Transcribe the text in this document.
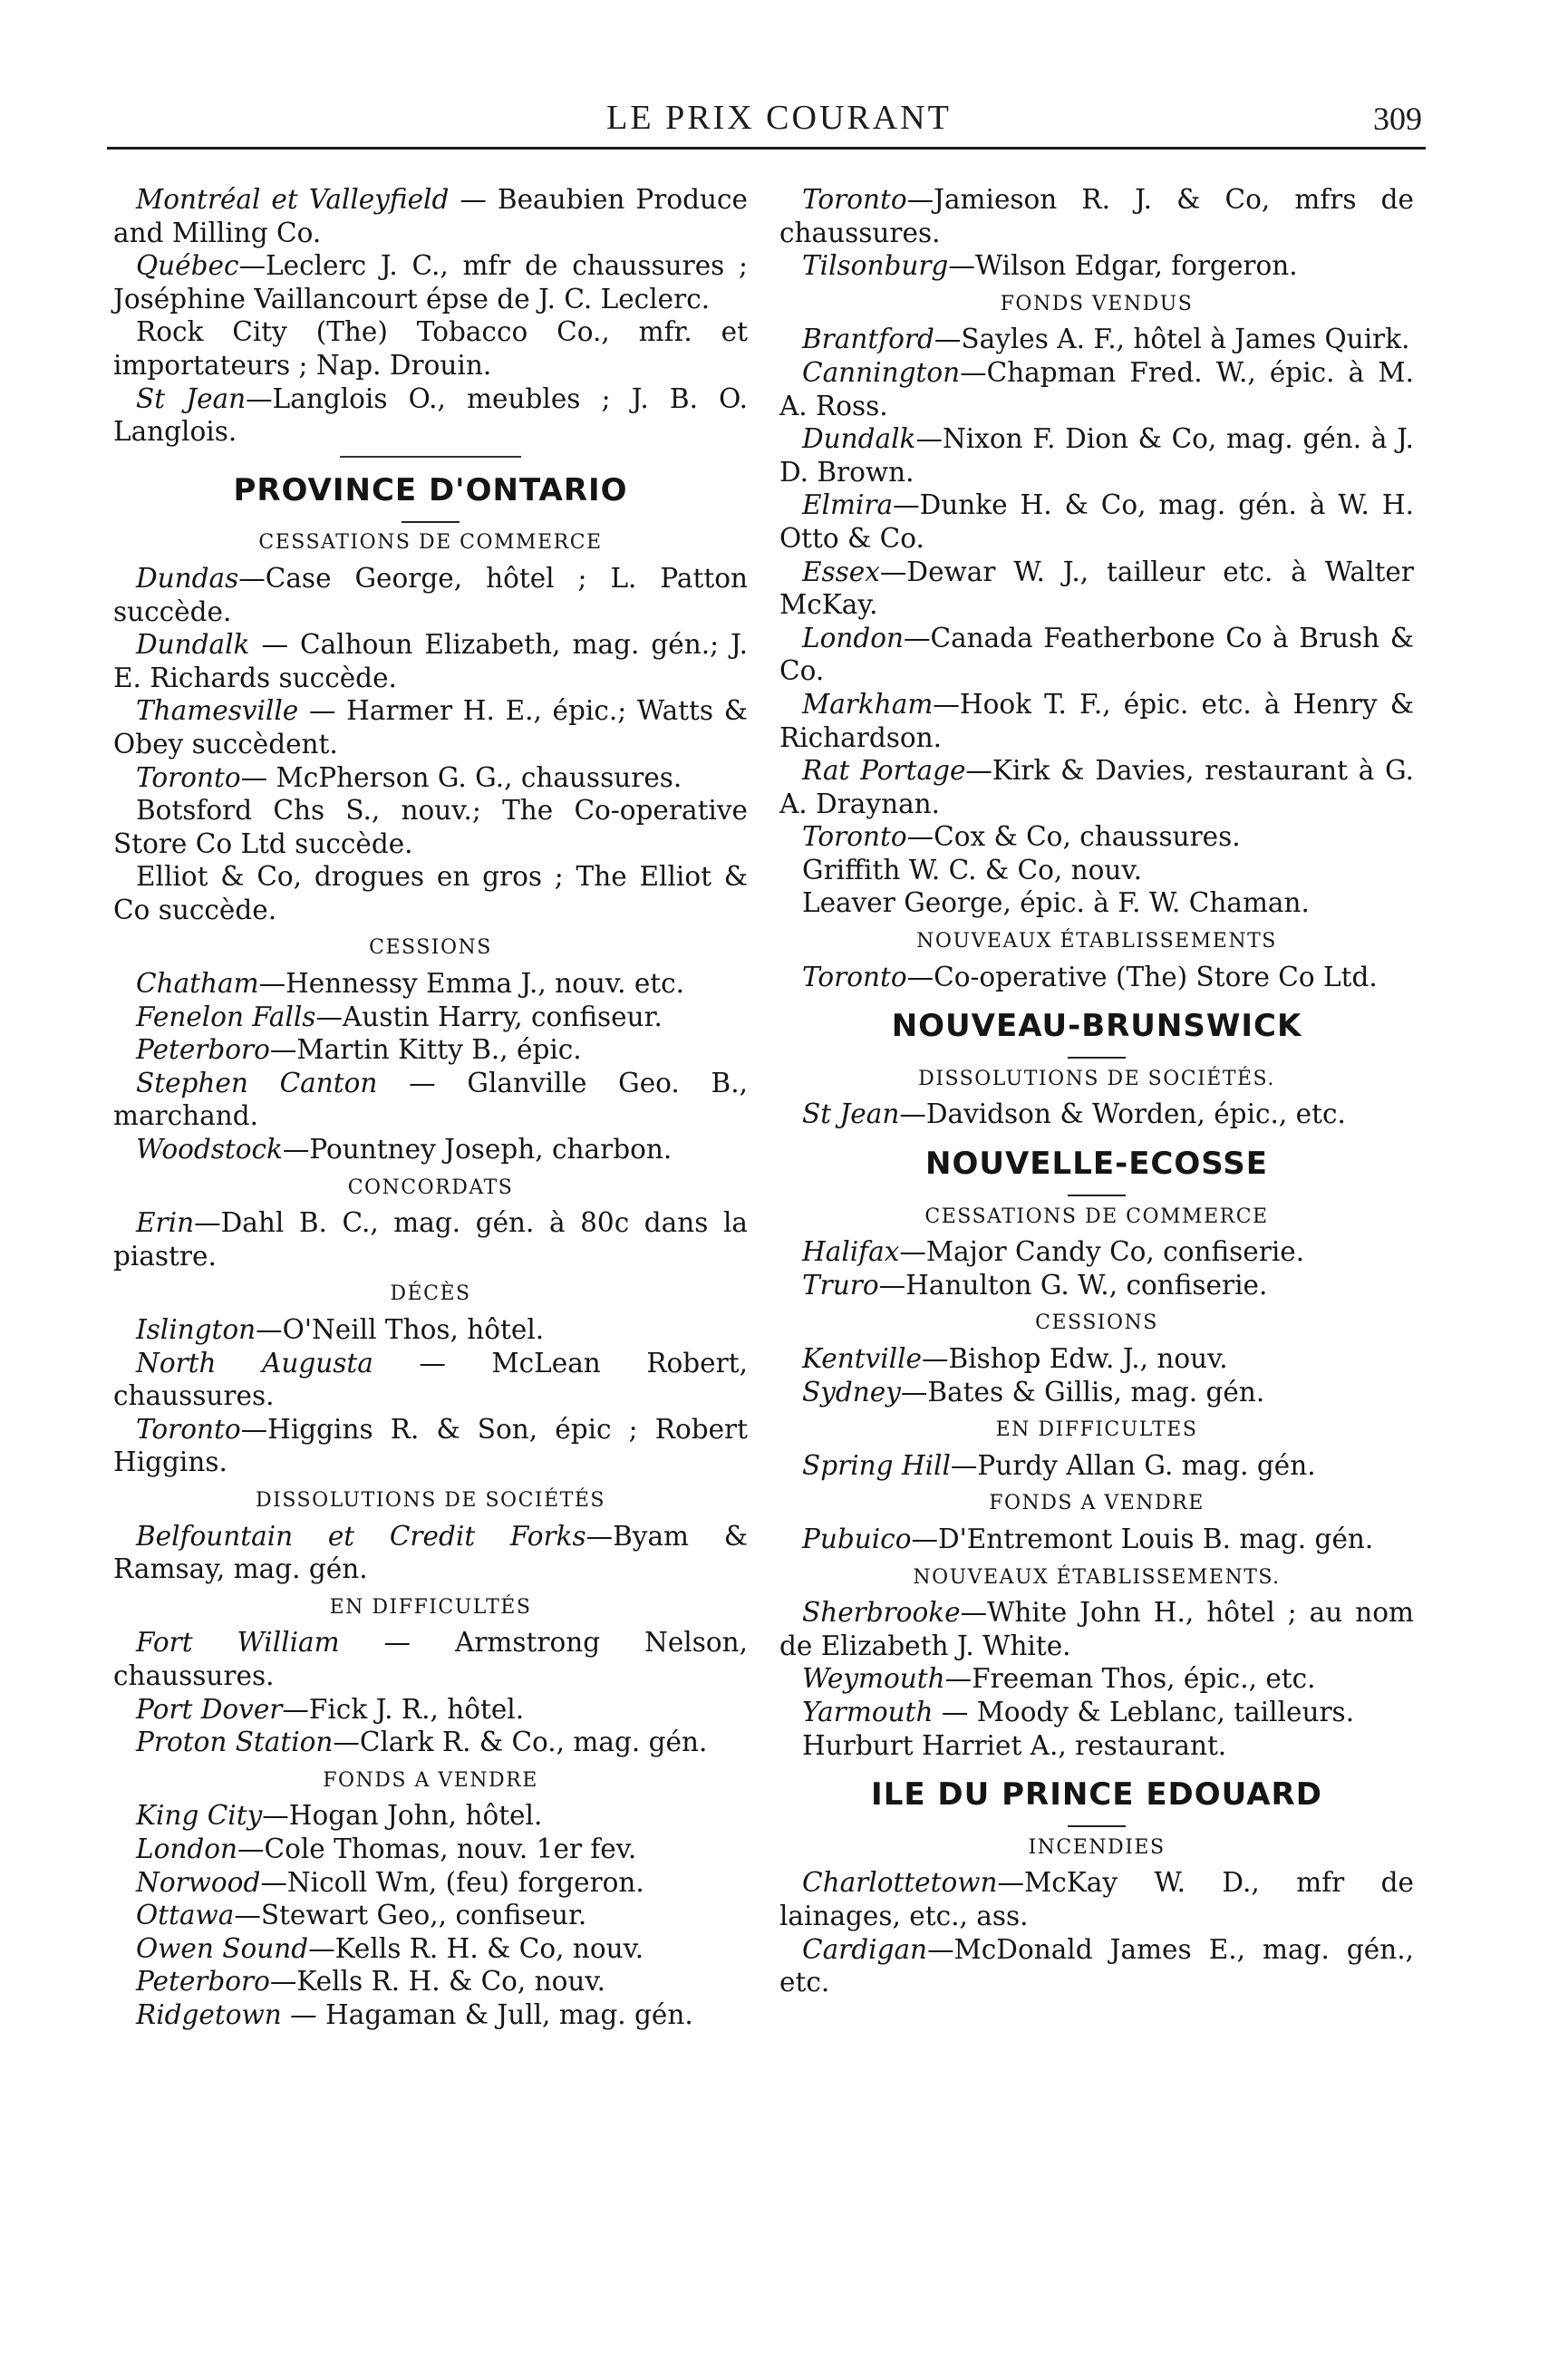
LE PRIX COURANT	309

Montréal et Valleyfield — Beaubien Produce and Milling Co.

Québec—Leclerc J. C., mfr de chaussures ; Joséphine Vaillancourt épse de J. C. Leclerc.

Rock City (The) Tobacco Co., mfr. et importateurs ; Nap. Drouin.

St Jean—Langlois O., meubles ; J. B. O. Langlois.

PROVINCE D'ONTARIO
CESSATIONS DE COMMERCE

Dundas—Case George, hôtel ; L. Patton succède.

Dundalk — Calhoun Elizabeth, mag. gén.; J. E. Richards succède.

Thamesville — Harmer H. E., épic.; Watts & Obey succèdent.

Toronto— McPherson G. G., chaussures.

Botsford Chs S., nouv.; The Co-operative Store Co Ltd succède.

Elliot & Co, drogues en gros ; The Elliot & Co succède.

CESSIONS

Chatham—Hennessy Emma J., nouv. etc.

Fenelon Falls—Austin Harry, confiseur.

Peterboro—Martin Kitty B., épic.

Stephen Canton — Glanville Geo. B., marchand.

Woodstock—Pountney Joseph, charbon.

CONCORDATS

Erin—Dahl B. C., mag. gén. à 80c dans la piastre.

DÉCÈS

Islington—O'Neill Thos, hôtel.

North Augusta — McLean Robert, chaussures.

Toronto—Higgins R. & Son, épic ; Robert Higgins.

DISSOLUTIONS DE SOCIÉTÉS

Belfountain et Credit Forks—Byam & Ramsay, mag. gén.

EN DIFFICULTÉS

Fort William — Armstrong Nelson, chaussures.

Port Dover—Fick J. R., hôtel.

Proton Station—Clark R. & Co., mag. gén.

FONDS A VENDRE

King City—Hogan John, hôtel.

London—Cole Thomas, nouv. 1er fev.

Norwood—Nicoll Wm, (feu) forgeron.

Ottawa—Stewart Geo,, confiseur.

Owen Sound—Kells R. H. & Co, nouv.

Peterboro—Kells R. H. & Co, nouv.

Ridgetown — Hagaman & Jull, mag. gén.

Toronto—Jamieson R. J. & Co, mfrs de chaussures.

Tilsonburg—Wilson Edgar, forgeron.

FONDS VENDUS

Brantford—Sayles A. F., hôtel à James Quirk.

Cannington—Chapman Fred. W., épic. à M. A. Ross.

Dundalk—Nixon F. Dion & Co, mag. gén. à J. D. Brown.

Elmira—Dunke H. & Co, mag. gén. à W. H. Otto & Co.

Essex—Dewar W. J., tailleur etc. à Walter McKay.

London—Canada Featherbone Co à Brush & Co.

Markham—Hook T. F., épic. etc. à Henry & Richardson.

Rat Portage—Kirk & Davies, restaurant à G. A. Draynan.

Toronto—Cox & Co, chaussures.

Griffith W. C. & Co, nouv.

Leaver George, épic. à F. W. Chaman.

NOUVEAUX ÉTABLISSEMENTS

Toronto—Co-operative (The) Store Co Ltd.

NOUVEAU-BRUNSWICK
DISSOLUTIONS DE SOCIÉTÉS.

St Jean—Davidson & Worden, épic., etc.

NOUVELLE-ECOSSE
CESSATIONS DE COMMERCE

Halifax—Major Candy Co, confiserie.

Truro—Hanulton G. W., confiserie.

CESSIONS

Kentville—Bishop Edw. J., nouv.

Sydney—Bates & Gillis, mag. gén.

EN DIFFICULTES

Spring Hill—Purdy Allan G. mag. gén.

FONDS A VENDRE

Pubuico—D'Entremont Louis B. mag. gén.

NOUVEAUX ÉTABLISSEMENTS.

Sherbrooke—White John H., hôtel ; au nom de Elizabeth J. White.

Weymouth—Freeman Thos, épic., etc.

Yarmouth — Moody & Leblanc, tailleurs.

Hurburt Harriet A., restaurant.

ILE DU PRINCE EDOUARD
INCENDIES

Charlottetown—McKay W. D., mfr de lainages, etc., ass.

Cardigan—McDonald James E., mag. gén., etc.
